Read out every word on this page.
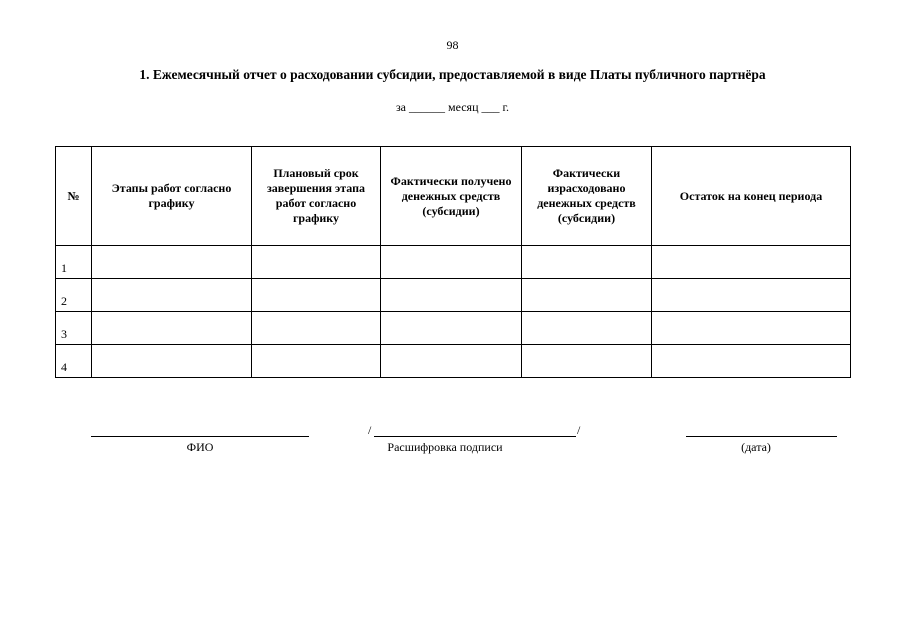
98
1. Ежемесячный отчет о расходовании субсидии, предоставляемой в виде Платы публичного партнёра
за ______ месяц ___ г.
№	Этапы работ согласно графику	Плановый срок завершения этапа работ согласно графику	Фактически получено денежных средств (субсидии)	Фактически израсходовано денежных средств (субсидии)	Остаток на конец периода
1					
2					
3					
4					
ФИО
/	/
Расшифровка подписи	(дата)
